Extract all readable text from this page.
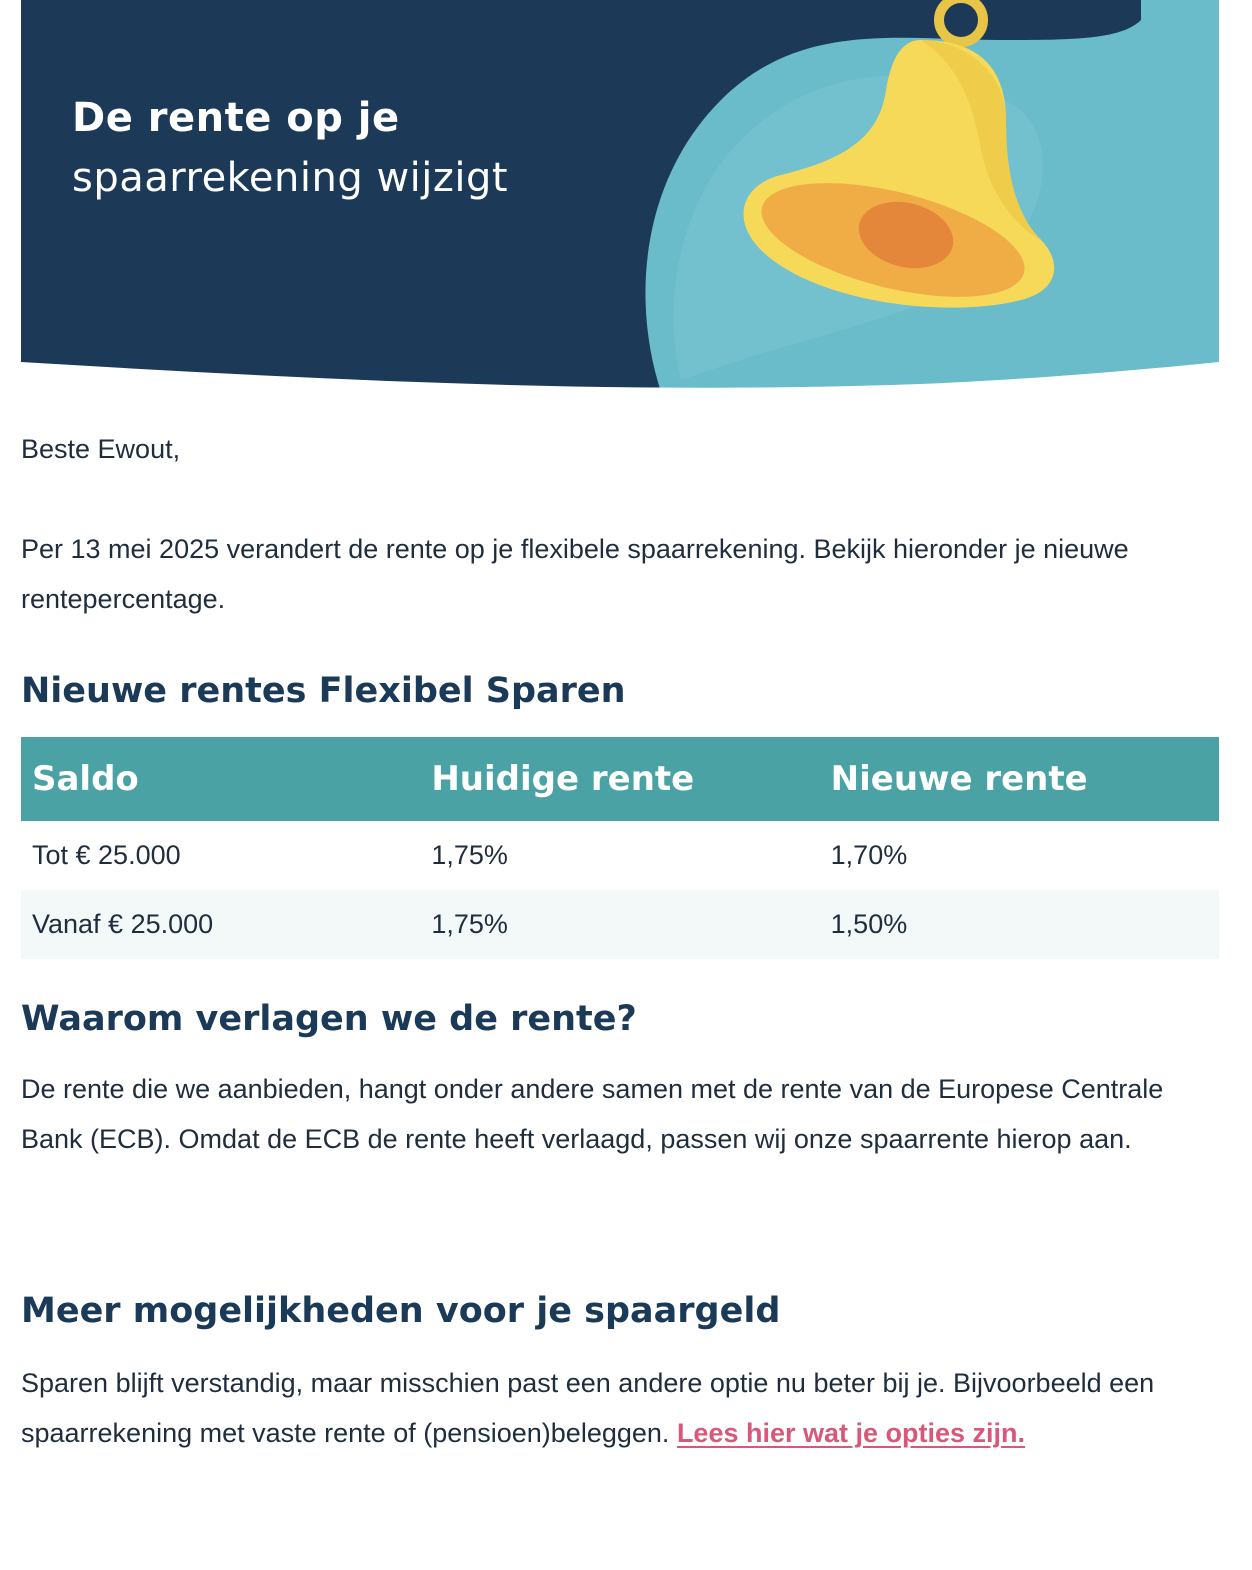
De rente op je
spaarrekening wijzigt

Beste Ewout,

Per 13 mei 2025 verandert de rente op je flexibele spaarrekening. Bekijk hieronder je nieuwe rentepercentage.

Nieuwe rentes Flexibel Sparen
Saldo	Huidige rente	Nieuwe rente
Tot € 25.000	1,75%	1,70%
Vanaf € 25.000	1,75%	1,50%
Waarom verlagen we de rente?

De rente die we aanbieden, hangt onder andere samen met de rente van de Europese Centrale Bank (ECB). Omdat de ECB de rente heeft verlaagd, passen wij onze spaarrente hierop aan.

Meer mogelijkheden voor je spaargeld

Sparen blijft verstandig, maar misschien past een andere optie nu beter bij je. Bijvoorbeeld een spaarrekening met vaste rente of (pensioen)beleggen. Lees hier wat je opties zijn.
